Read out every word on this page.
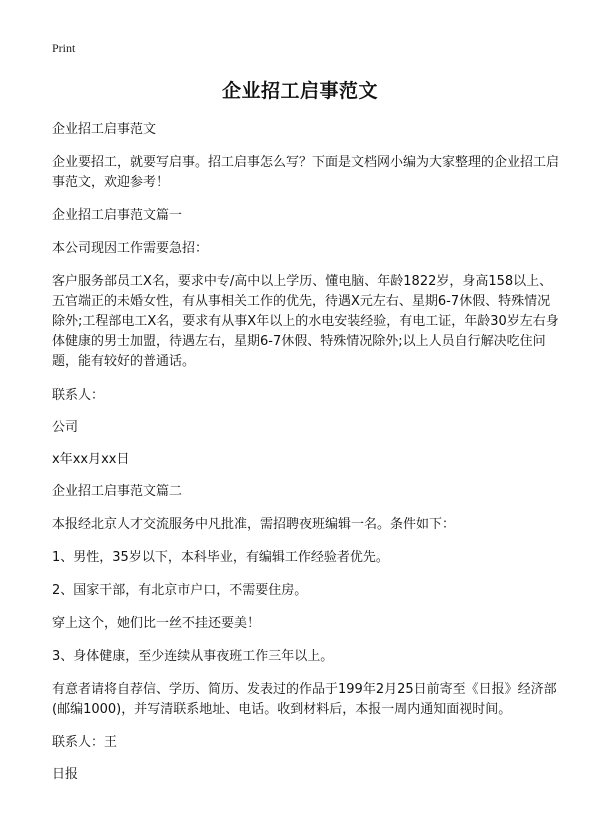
Print
企业招工启事范文

企业招工启事范文

企业要招工，就要写启事。招工启事怎么写？下面是文档网小编为大家整理的企业招工启事范文，欢迎参考！

企业招工启事范文篇一

本公司现因工作需要急招：

客户服务部员工X名，要求中专/高中以上学历、懂电脑、年龄1822岁，身高158以上、五官端正的未婚女性，有从事相关工作的优先，待遇X元左右、星期6-7休假、特殊情况除外;工程部电工X名，要求有从事X年以上的水电安装经验，有电工证，年龄30岁左右身体健康的男士加盟，待遇左右，星期6-7休假、特殊情况除外;以上人员自行解决吃住问题，能有较好的普通话。

联系人：

公司

x年xx月xx日

企业招工启事范文篇二

本报经北京人才交流服务中凡批准，需招聘夜班编辑一名。条件如下：

1、男性，35岁以下，本科毕业，有编辑工作经验者优先。

2、国家干部，有北京市户口，不需要住房。

穿上这个，她们比一丝不挂还要美！

3、身体健康，至少连续从事夜班工作三年以上。

有意者请将自荐信、学历、简历、发表过的作品于199年2月25日前寄至《日报》经济部(邮编1000)，并写清联系地址、电话。收到材料后，本报一周内通知面视时间。

联系人：王

日报
